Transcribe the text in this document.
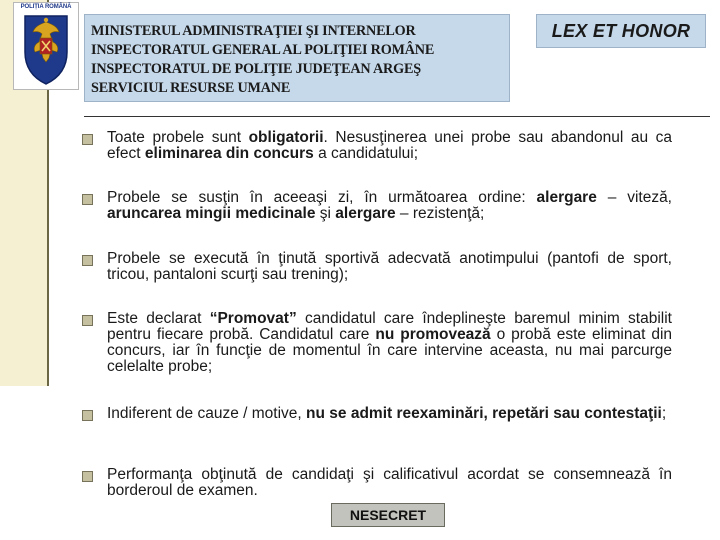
POLIȚIA ROMÂNĂ
MINISTERUL ADMINISTRAŢIEI ŞI INTERNELOR
INSPECTORATUL GENERAL AL POLIŢIEI ROMÂNE
INSPECTORATUL DE POLIŢIE JUDEŢEAN ARGEŞ
SERVICIUL RESURSE UMANE
LEX ET HONOR

Toate probele sunt obligatorii. Nesusţinerea unei probe sau abandonul au ca efect eliminarea din concurs a candidatului;

Probele se susţin în aceeaşi zi, în următoarea ordine: alergare – viteză, aruncarea mingii medicinale şi alergare – rezistenţă;

Probele se execută în ţinută sportivă adecvată anotimpului (pantofi de sport, tricou, pantaloni scurţi sau trening);

Este declarat “Promovat” candidatul care îndeplineşte baremul minim stabilit pentru fiecare probă. Candidatul care nu promovează o probă este eliminat din concurs, iar în funcţie de momentul în care intervine aceasta, nu mai parcurge celelalte probe;

Indiferent de cauze / motive, nu se admit reexaminări, repetări sau contestaţii;

Performanţa obţinută de candidaţi şi calificativul acordat se consemnează în borderoul de examen.

NESECRET
